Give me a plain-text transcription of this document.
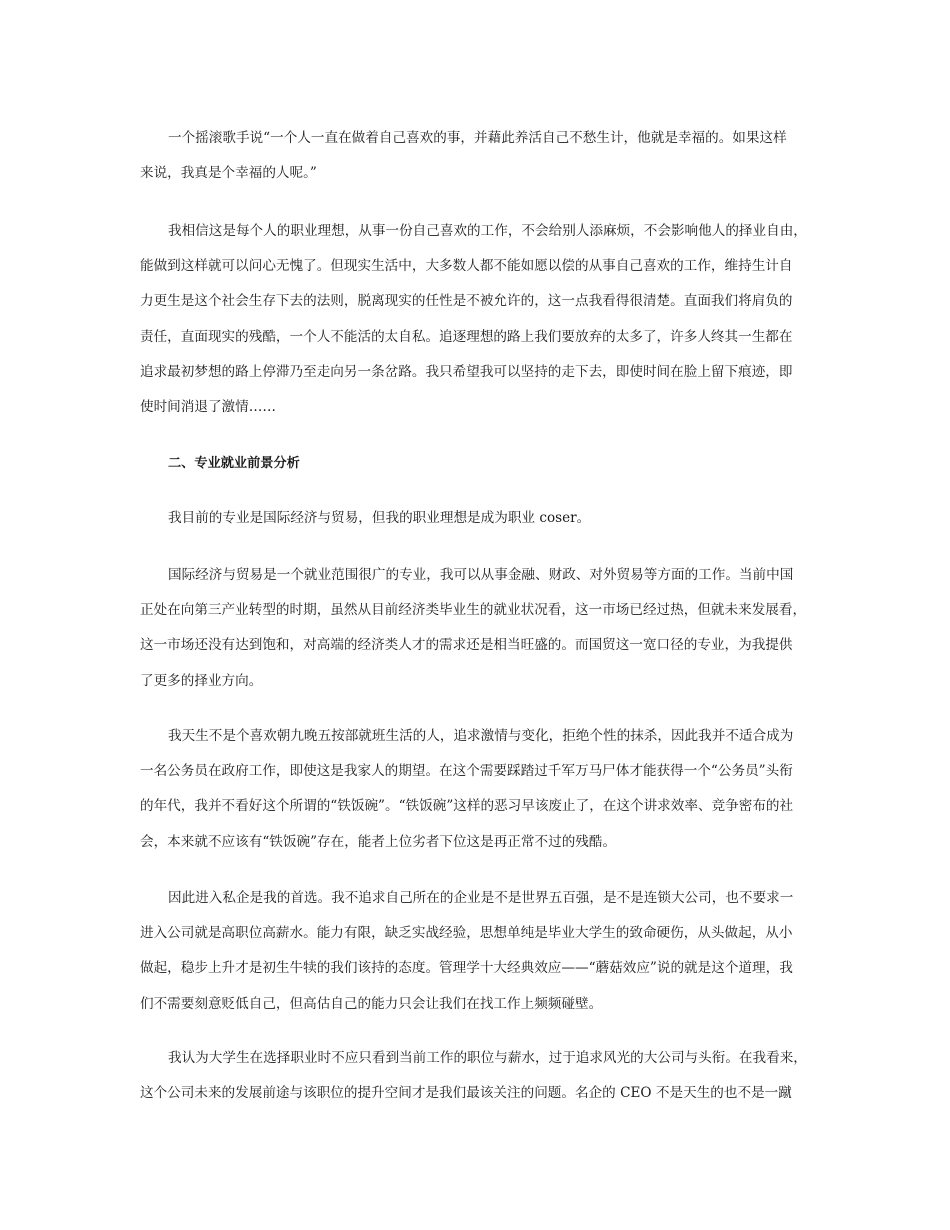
一个摇滚歌手说“一个人一直在做着自己喜欢的事，并藉此养活自己不愁生计，他就是幸福的。如果这样
来说，我真是个幸福的人呢。”
我相信这是每个人的职业理想，从事一份自己喜欢的工作，不会给别人添麻烦，不会影响他人的择业自由，
能做到这样就可以问心无愧了。但现实生活中，大多数人都不能如愿以偿的从事自己喜欢的工作，维持生计自
力更生是这个社会生存下去的法则，脱离现实的任性是不被允许的，这一点我看得很清楚。直面我们将肩负的
责任，直面现实的残酷，一个人不能活的太自私。追逐理想的路上我们要放弃的太多了，许多人终其一生都在
追求最初梦想的路上停滞乃至走向另一条岔路。我只希望我可以坚持的走下去，即使时间在脸上留下痕迹，即
使时间消退了激情……
二、专业就业前景分析
我目前的专业是国际经济与贸易，但我的职业理想是成为职业 coser。
国际经济与贸易是一个就业范围很广的专业，我可以从事金融、财政、对外贸易等方面的工作。当前中国
正处在向第三产业转型的时期，虽然从目前经济类毕业生的就业状况看，这一市场已经过热，但就未来发展看，
这一市场还没有达到饱和，对高端的经济类人才的需求还是相当旺盛的。而国贸这一宽口径的专业，为我提供
了更多的择业方向。
我天生不是个喜欢朝九晚五按部就班生活的人，追求激情与变化，拒绝个性的抹杀，因此我并不适合成为
一名公务员在政府工作，即使这是我家人的期望。在这个需要踩踏过千军万马尸体才能获得一个“公务员”头衔
的年代，我并不看好这个所谓的“铁饭碗”。“铁饭碗”这样的恶习早该废止了，在这个讲求效率、竞争密布的社
会，本来就不应该有“铁饭碗”存在，能者上位劣者下位这是再正常不过的残酷。
因此进入私企是我的首选。我不追求自己所在的企业是不是世界五百强，是不是连锁大公司，也不要求一
进入公司就是高职位高薪水。能力有限，缺乏实战经验，思想单纯是毕业大学生的致命硬伤，从头做起，从小
做起，稳步上升才是初生牛犊的我们该持的态度。管理学十大经典效应——“蘑菇效应”说的就是这个道理，我
们不需要刻意贬低自己，但高估自己的能力只会让我们在找工作上频频碰壁。
我认为大学生在选择职业时不应只看到当前工作的职位与薪水，过于追求风光的大公司与头衔。在我看来，
这个公司未来的发展前途与该职位的提升空间才是我们最该关注的问题。名企的 CEO 不是天生的也不是一蹴
